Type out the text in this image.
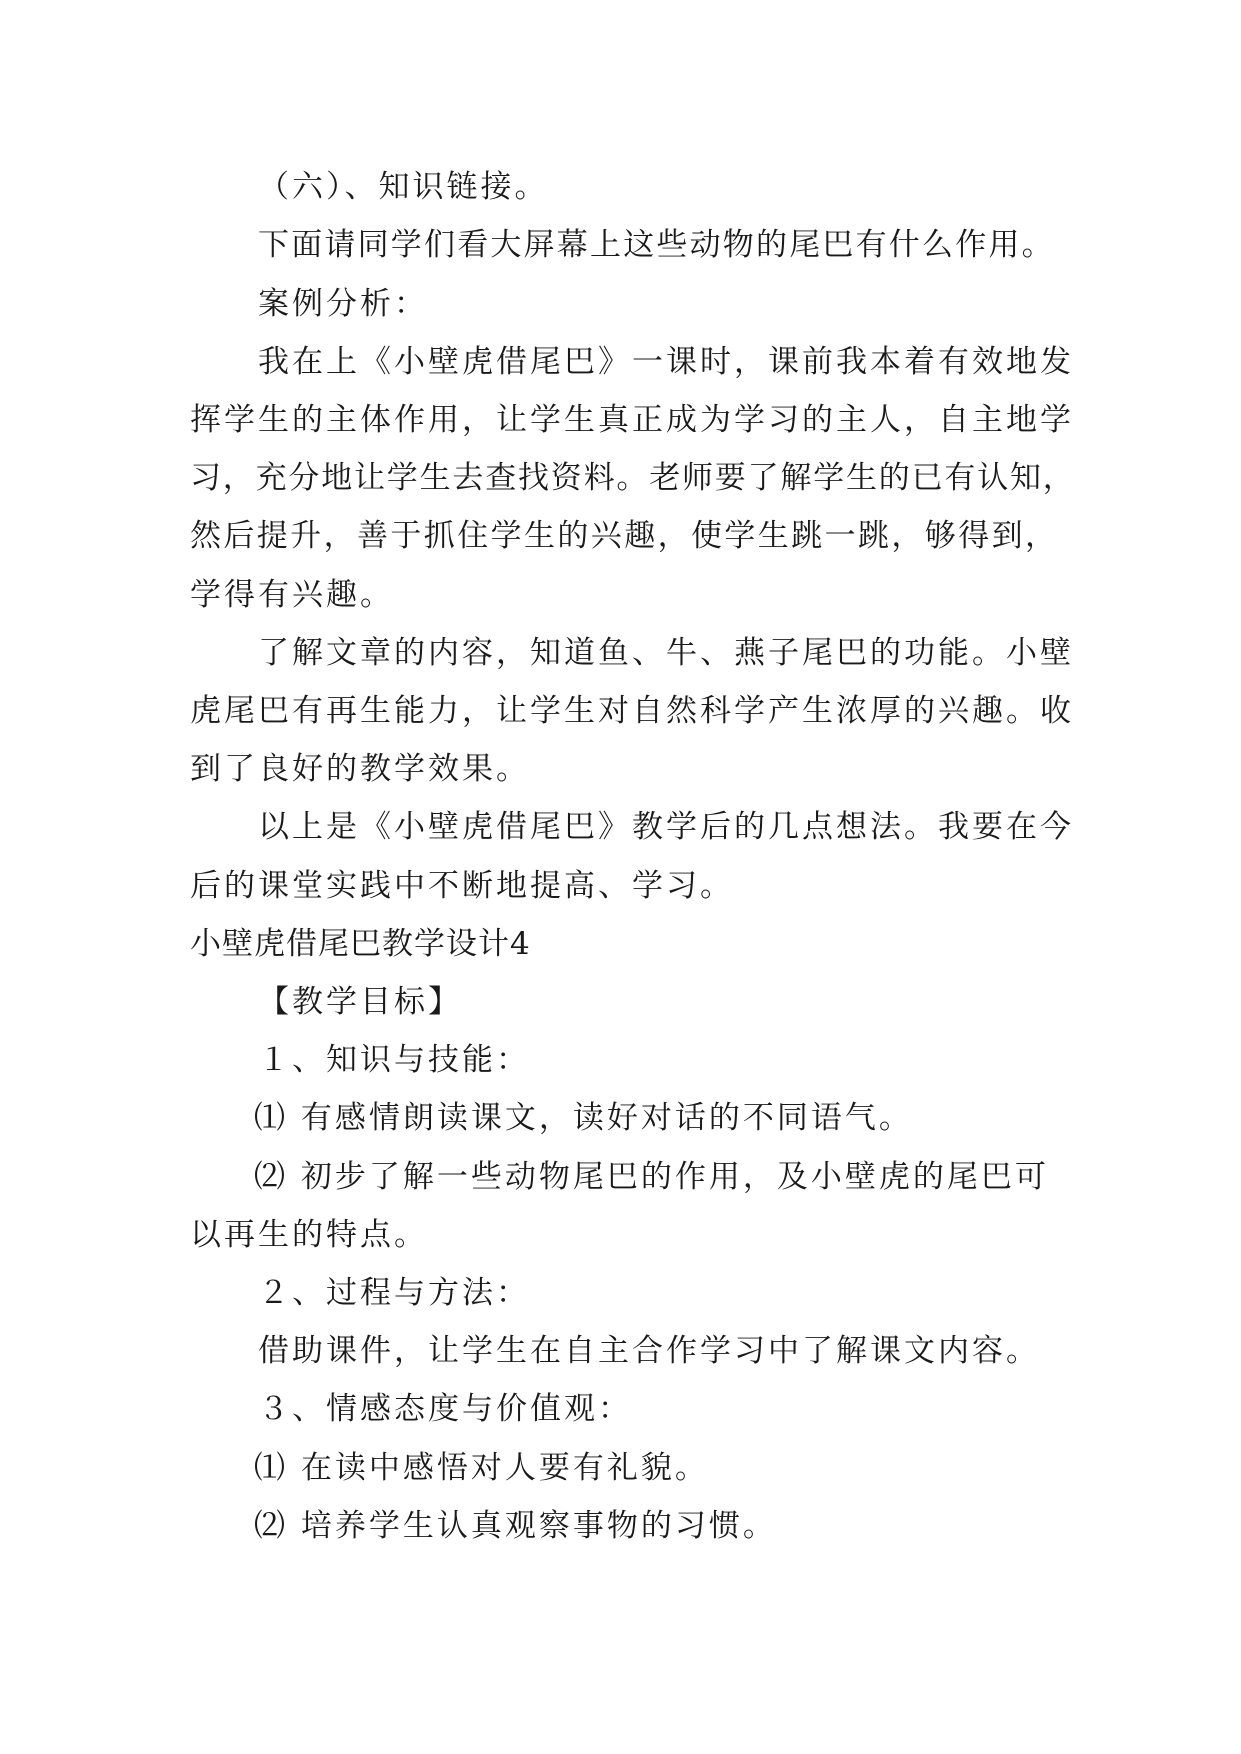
（六）、知识链接。
下面请同学们看大屏幕上这些动物的尾巴有什么作用。
案例分析：
我在上《小壁虎借尾巴》一课时，课前我本着有效地发
挥学生的主体作用，让学生真正成为学习的主人，自主地学
习，充分地让学生去查找资料。老师要了解学生的已有认知，
然后提升，善于抓住学生的兴趣，使学生跳一跳，够得到，
学得有兴趣。
了解文章的内容，知道鱼、牛、燕子尾巴的功能。小壁
虎尾巴有再生能力，让学生对自然科学产生浓厚的兴趣。收
到了良好的教学效果。
以上是《小壁虎借尾巴》教学后的几点想法。我要在今
后的课堂实践中不断地提高、学习。
小壁虎借尾巴教学设计4
【教学目标】
１、知识与技能：
⑴ 有感情朗读课文，读好对话的不同语气。
⑵ 初步了解一些动物尾巴的作用，及小壁虎的尾巴可
以再生的特点。
２、过程与方法：
借助课件，让学生在自主合作学习中了解课文内容。
３、情感态度与价值观：
⑴ 在读中感悟对人要有礼貌。
⑵ 培养学生认真观察事物的习惯。
